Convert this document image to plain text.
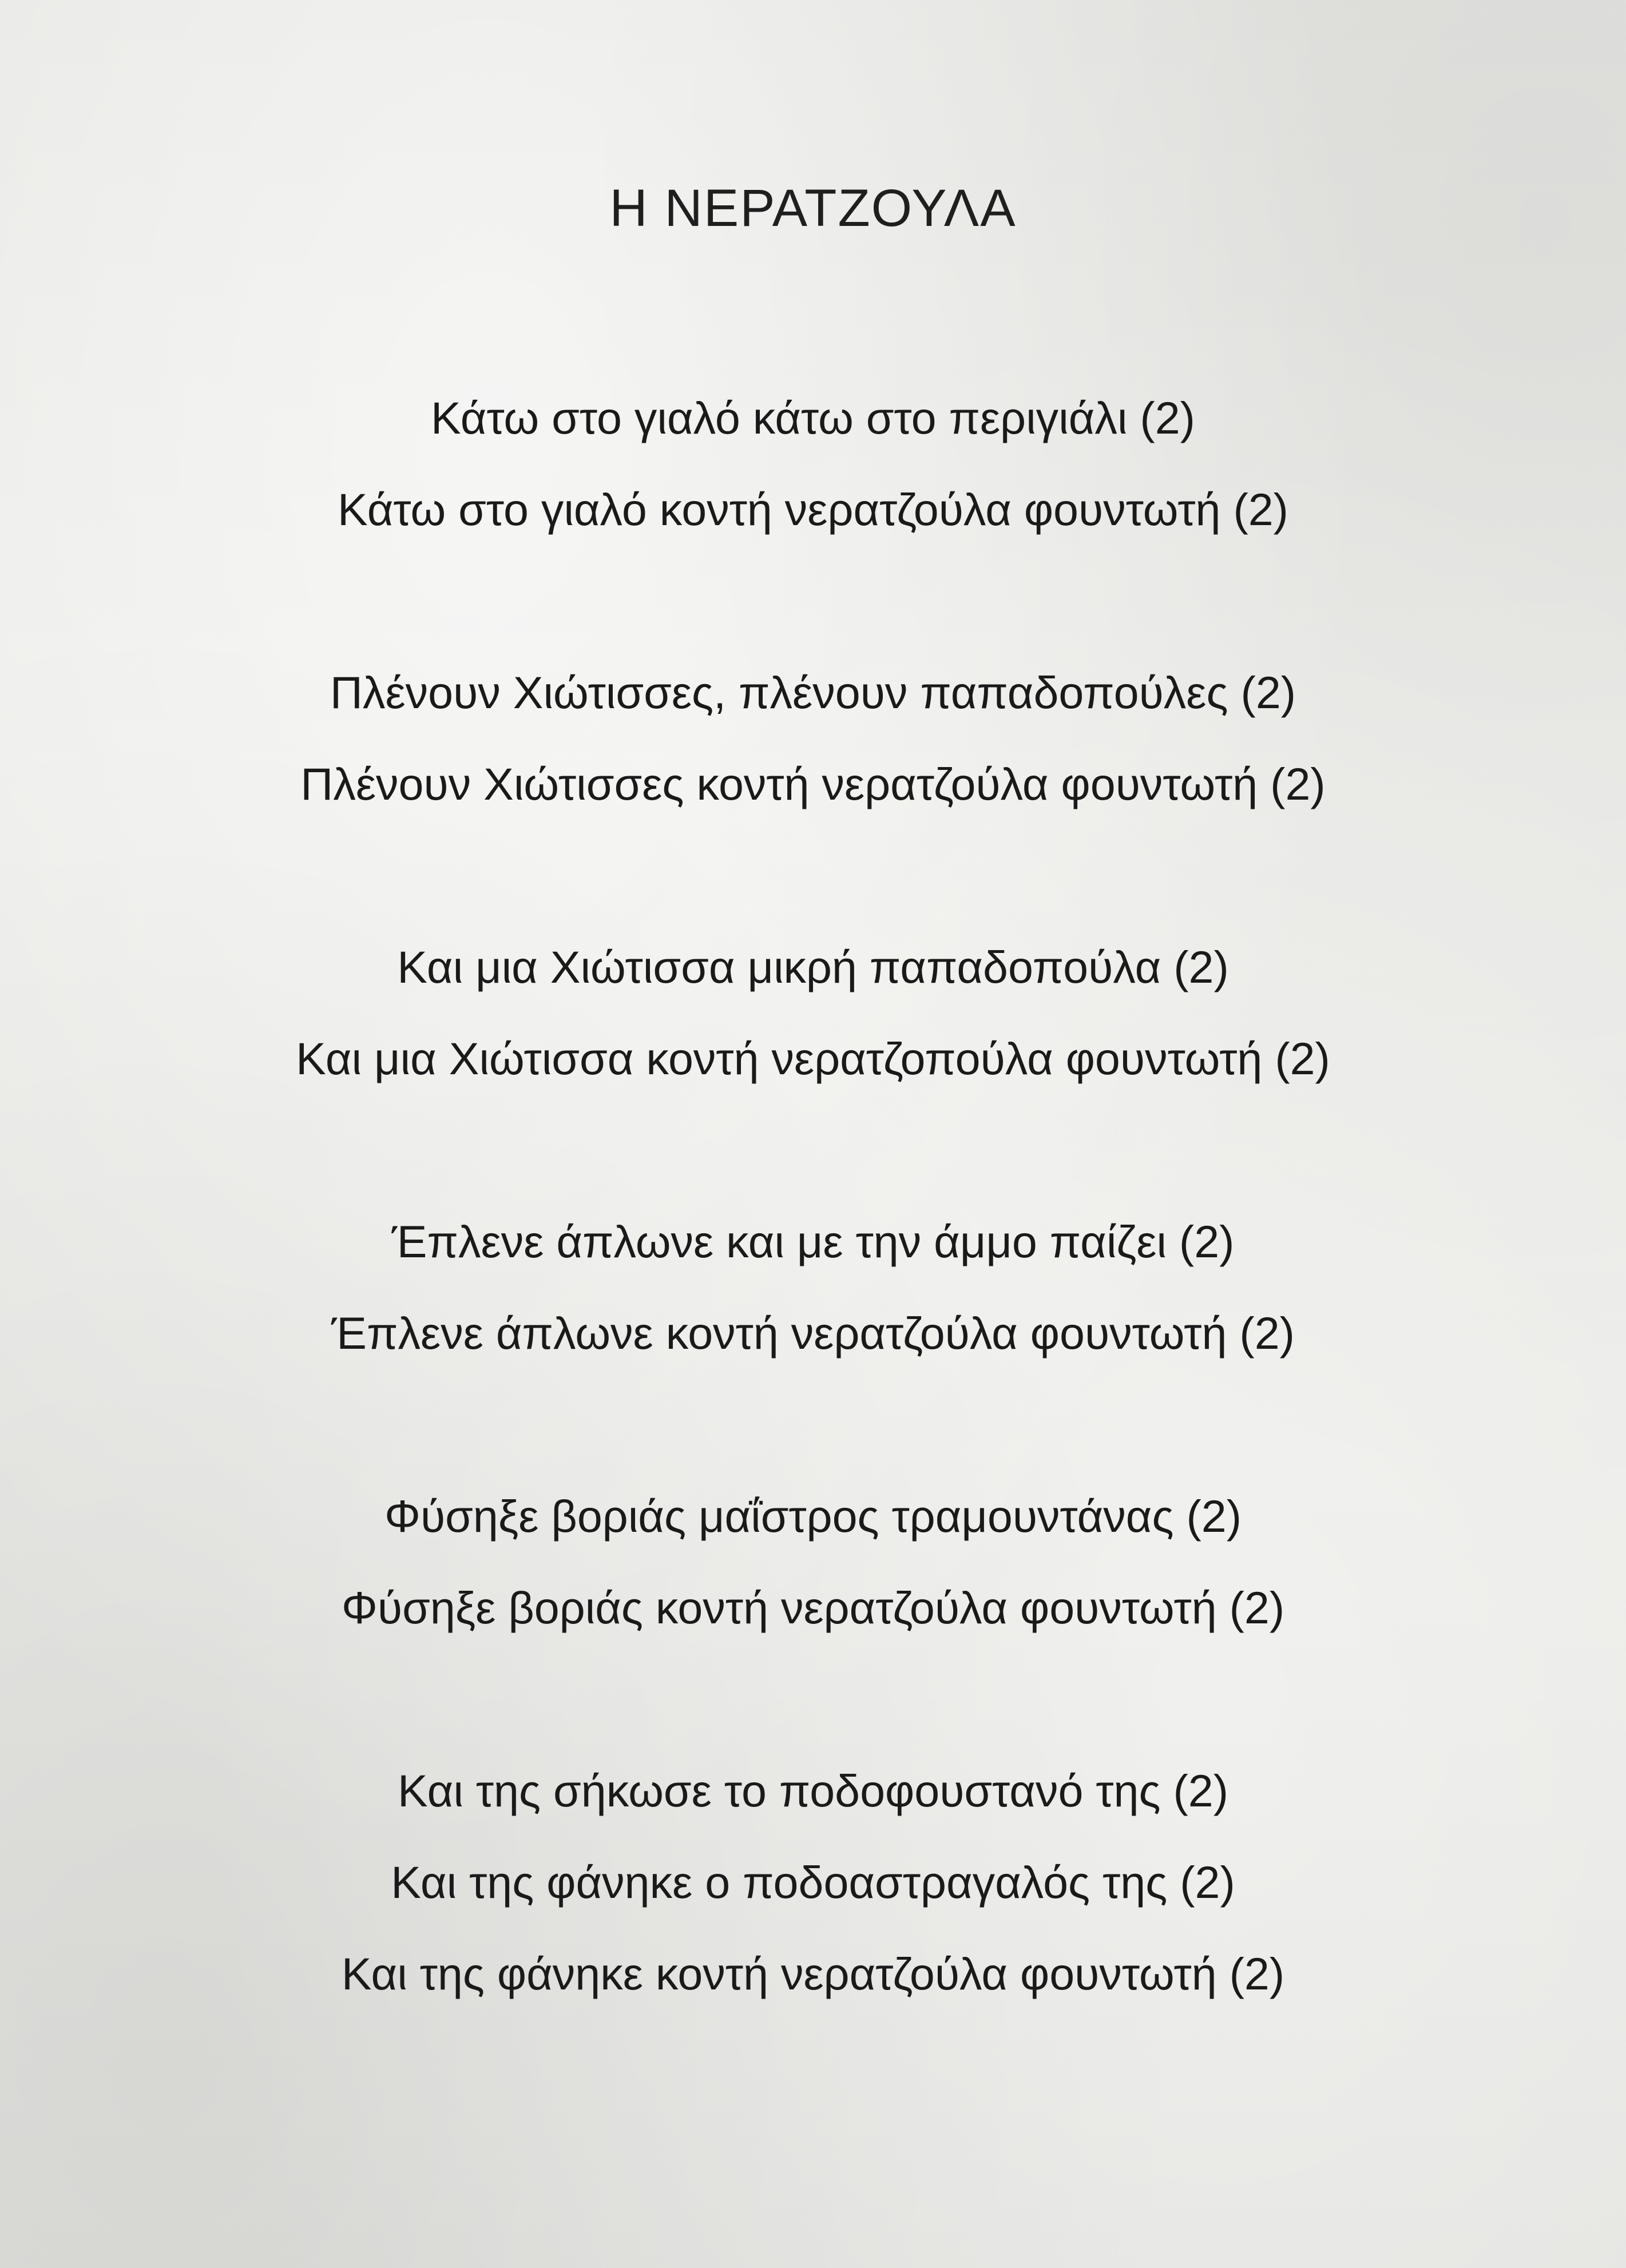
Η ΝΕΡΑΤΖΟΥΛΑ

Κάτω στο γιαλό κάτω στο περιγιάλι (2)

Κάτω στο γιαλό κοντή νερατζούλα φουντωτή (2)

Πλένουν Χιώτισσες, πλένουν παπαδοπούλες (2)

Πλένουν Χιώτισσες κοντή νερατζούλα φουντωτή (2)

Και μια Χιώτισσα μικρή παπαδοπούλα (2)

Και μια Χιώτισσα κοντή νερατζοπούλα φουντωτή (2)

Έπλενε άπλωνε και με την άμμο παίζει (2)

Έπλενε άπλωνε κοντή νερατζούλα φουντωτή (2)

Φύσηξε βοριάς μαΐστρος τραμουντάνας (2)

Φύσηξε βοριάς κοντή νερατζούλα φουντωτή (2)

Και της σήκωσε το ποδοφουστανό της (2)

Και της φάνηκε ο ποδοαστραγαλός της (2)

Και της φάνηκε κοντή νερατζούλα φουντωτή (2)
